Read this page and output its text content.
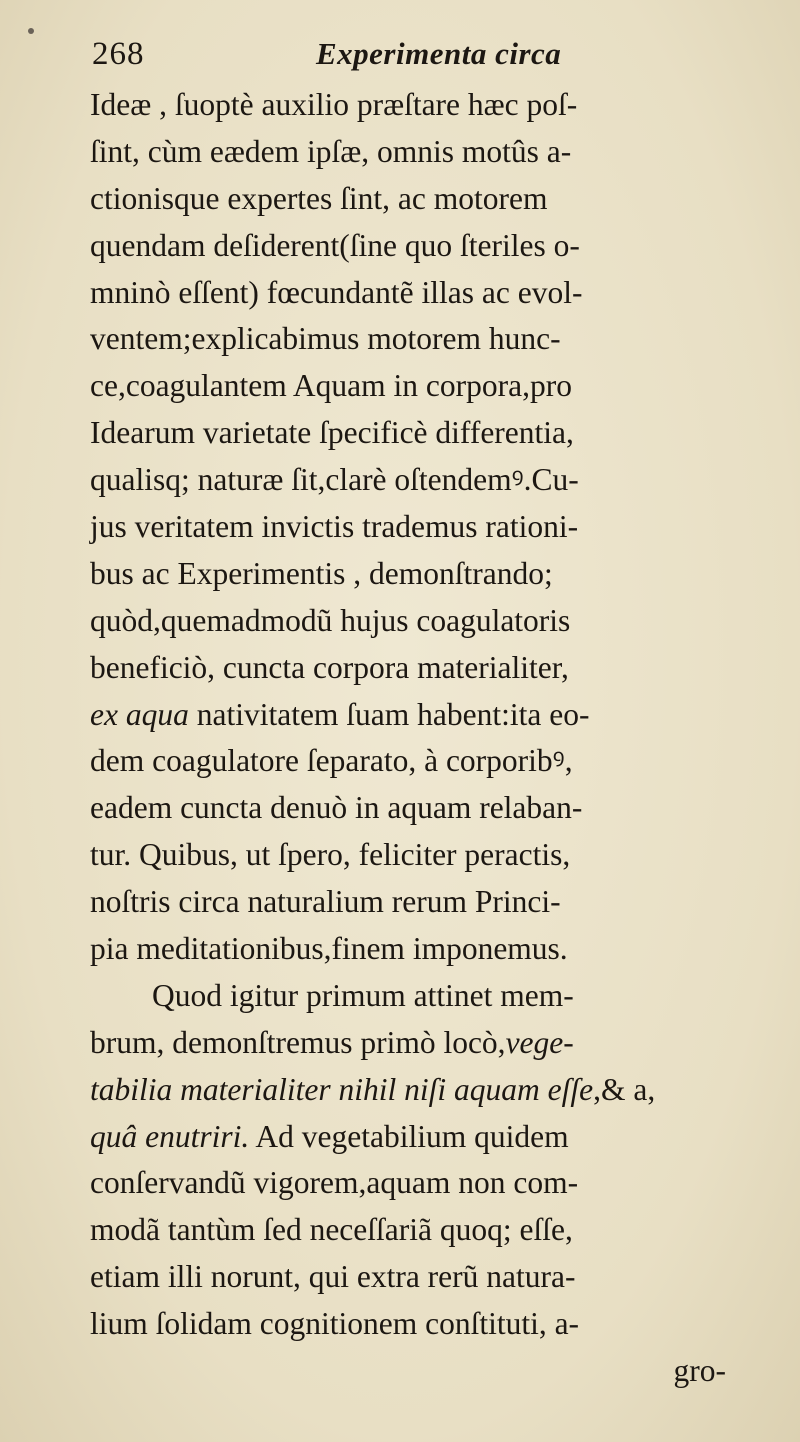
268	Experimenta circa
Ideæ , ſuoptè auxilio præſtare hæc poſ-
ſint, cùm eædem ipſæ, omnis motûs a-
ctionisque expertes ſint, ac motorem
quendam deſiderent(ſine quo ſteriles o-
mninò eſſent) fœcundantẽ illas ac evol-
ventem;explicabimus motorem hunc-
ce,coagulantem Aquam in corpora,pro
Idearum varietate ſpecificè differentia,
qualisq; naturæ ſit,clarè oſtendemꝰ.Cu-
jus veritatem invictis trademus rationi-
bus ac Experimentis , demonſtrando;
quòd,quemadmodũ hujus coagulatoris
beneficiò, cuncta corpora materialiter,
ex aqua nativitatem ſuam habent:ita eo-
dem coagulatore ſeparato, à corporibꝰ,
eadem cuncta denuò in aquam relaban-
tur. Quibus, ut ſpero, feliciter peractis,
noſtris circa naturalium rerum Princi-
pia meditationibus,finem imponemus.
Quod igitur primum attinet mem-
brum, demonſtremus primò locò,vege-
tabilia materialiter nihil niſi aquam eſſe,& a,
quâ enutriri. Ad vegetabilium quidem
conſervandũ vigorem,aquam non com-
modã tantùm ſed neceſſariã quoq; eſſe,
etiam illi norunt, qui extra rerũ natura-
lium ſolidam cognitionem conſtituti, a-
gro-
